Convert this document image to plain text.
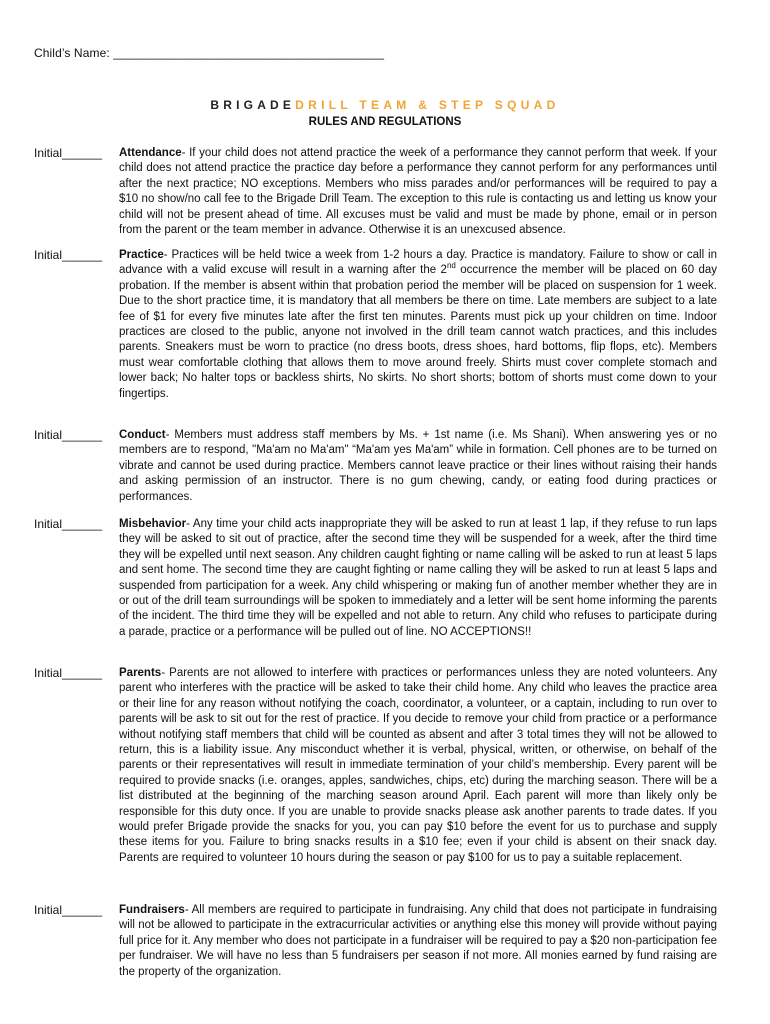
Child’s Name: ________________________________________
BRIGADEDRILL TEAM & STEP SQUAD
RULES AND REGULATIONS
Initial______ Attendance- If your child does not attend practice the week of a performance they cannot perform that week. If your child does not attend practice the practice day before a performance they cannot perform for any performances until after the next practice; NO exceptions. Members who miss parades and/or performances will be required to pay a $10 no show/no call fee to the Brigade Drill Team. The exception to this rule is contacting us and letting us know your child will not be present ahead of time. All excuses must be valid and must be made by phone, email or in person from the parent or the team member in advance. Otherwise it is an unexcused absence.
Initial______ Practice- Practices will be held twice a week from 1-2 hours a day. Practice is mandatory. Failure to show or call in advance with a valid excuse will result in a warning after the 2nd occurrence the member will be placed on 60 day probation. If the member is absent within that probation period the member will be placed on suspension for 1 week. Due to the short practice time, it is mandatory that all members be there on time. Late members are subject to a late fee of $1 for every five minutes late after the first ten minutes. Parents must pick up your children on time. Indoor practices are closed to the public, anyone not involved in the drill team cannot watch practices, and this includes parents. Sneakers must be worn to practice (no dress boots, dress shoes, hard bottoms, flip flops, etc). Members must wear comfortable clothing that allows them to move around freely. Shirts must cover complete stomach and lower back; No halter tops or backless shirts, No skirts. No short shorts; bottom of shorts must come down to your fingertips.
Initial______ Conduct- Members must address staff members by Ms. + 1st name (i.e. Ms Shani). When answering yes or no members are to respond, "Ma'am no Ma'am" “Ma'am yes Ma'am” while in formation. Cell phones are to be turned on vibrate and cannot be used during practice. Members cannot leave practice or their lines without raising their hands and asking permission of an instructor. There is no gum chewing, candy, or eating food during practices or performances.
Initial______ Misbehavior- Any time your child acts inappropriate they will be asked to run at least 1 lap, if they refuse to run laps they will be asked to sit out of practice, after the second time they will be suspended for a week, after the third time they will be expelled until next season. Any children caught fighting or name calling will be asked to run at least 5 laps and sent home. The second time they are caught fighting or name calling they will be asked to run at least 5 laps and suspended from participation for a week. Any child whispering or making fun of another member whether they are in or out of the drill team surroundings will be spoken to immediately and a letter will be sent home informing the parents of the incident. The third time they will be expelled and not able to return. Any child who refuses to participate during a parade, practice or a performance will be pulled out of line. NO ACCEPTIONS!!
Initial______ Parents- Parents are not allowed to interfere with practices or performances unless they are noted volunteers. Any parent who interferes with the practice will be asked to take their child home. Any child who leaves the practice area or their line for any reason without notifying the coach, coordinator, a volunteer, or a captain, including to run over to parents will be ask to sit out for the rest of practice. If you decide to remove your child from practice or a performance without notifying staff members that child will be counted as absent and after 3 total times they will not be allowed to return, this is a liability issue. Any misconduct whether it is verbal, physical, written, or otherwise, on behalf of the parents or their representatives will result in immediate termination of your child’s membership. Every parent will be required to provide snacks (i.e. oranges, apples, sandwiches, chips, etc) during the marching season. There will be a list distributed at the beginning of the marching season around April. Each parent will more than likely only be responsible for this duty once. If you are unable to provide snacks please ask another parents to trade dates. If you would prefer Brigade provide the snacks for you, you can pay $10 before the event for us to purchase and supply these items for you. Failure to bring snacks results in a $10 fee; even if your child is absent on their snack day. Parents are required to volunteer 10 hours during the season or pay $100 for us to pay a suitable replacement.
Initial______ Fundraisers- All members are required to participate in fundraising. Any child that does not participate in fundraising will not be allowed to participate in the extracurricular activities or anything else this money will provide without paying full price for it. Any member who does not participate in a fundraiser will be required to pay a $20 non-participation fee per fundraiser. We will have no less than 5 fundraisers per season if not more. All monies earned by fund raising are the property of the organization.
